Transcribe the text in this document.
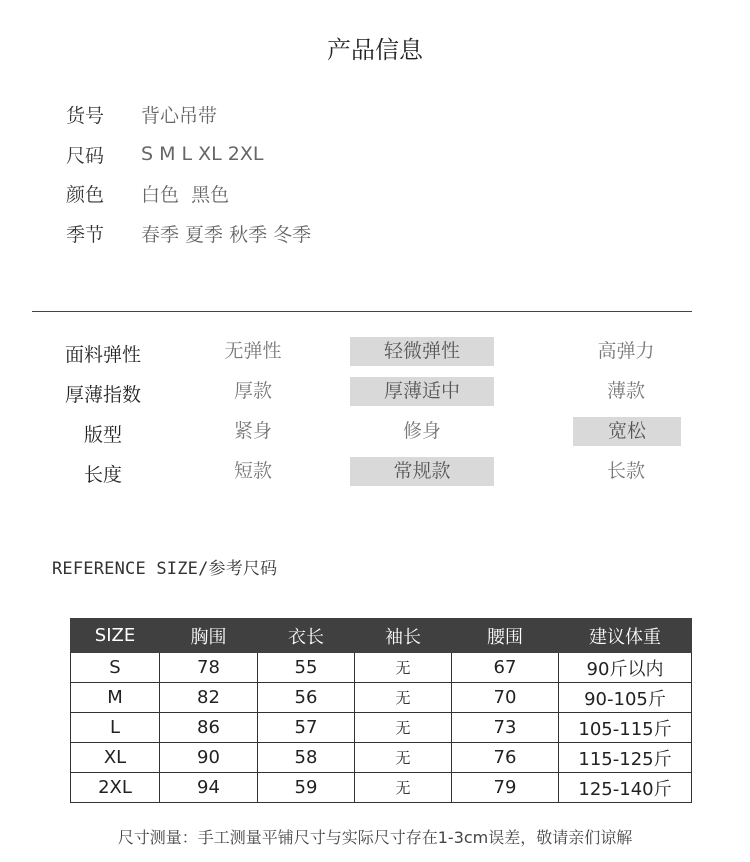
产品信息
货号 背心吊带
尺码 S M L XL 2XL
颜色 白色  黑色
季节 春季 夏季 秋季 冬季
面料弹性	无弹性	轻微弹性	高弹力
厚薄指数	厚款	厚薄适中	薄款
版型	紧身	修身	宽松
长度	短款	常规款	长款
REFERENCE SIZE/参考尺码
SIZE	胸围	衣长	袖长	腰围	建议体重
S	78	55	无	67	90斤以内
M	82	56	无	70	90-105斤
L	86	57	无	73	105-115斤
XL	90	58	无	76	115-125斤
2XL	94	59	无	79	125-140斤
尺寸测量：手工测量平铺尺寸与实际尺寸存在1-3cm误差，敬请亲们谅解
